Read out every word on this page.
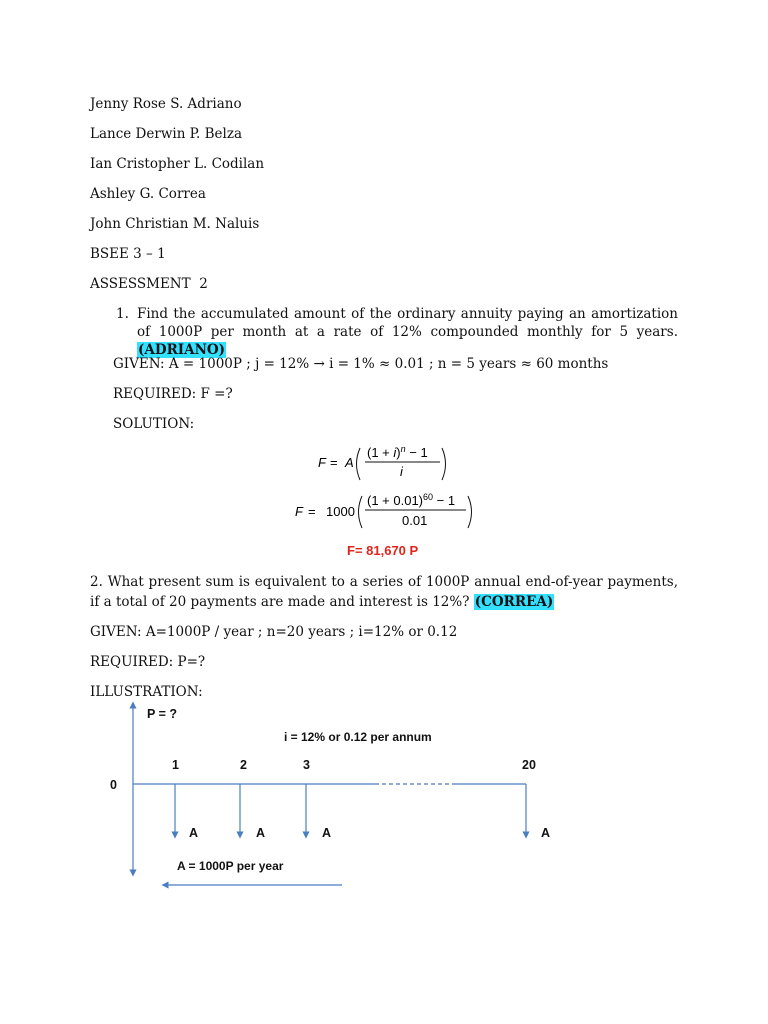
Jenny Rose S. Adriano
Lance Derwin P. Belza
Ian Cristopher L. Codilan
Ashley G. Correa
John Christian M. Naluis
BSEE 3 – 1
ASSESSMENT  2
1. Find the accumulated amount of the ordinary annuity paying an amortization of 1000P per month at a rate of 12% compounded monthly for 5 years. (ADRIANO)
GIVEN: A = 1000P ; j = 12% → i = 1% ≈ 0.01 ; n = 5 years ≈ 60 months
REQUIRED: F =?
SOLUTION:
F = A
$(1 + i)^n - 1$
i
F = 1000
$(1 + 0.01)^{60} - 1$
0.01
F= 81,670 P
2. What present sum is equivalent to a series of 1000P annual end-of-year payments, if a total of 20 payments are made and interest is 12%? (CORREA)
GIVEN: A=1000P / year ; n=20 years ; i=12% or 0.12
REQUIRED: P=?
ILLUSTRATION:
P = ?
i = 12% or 0.12 per annum
0
1	2	3	20
A	A	A	A
A = 1000P per year
